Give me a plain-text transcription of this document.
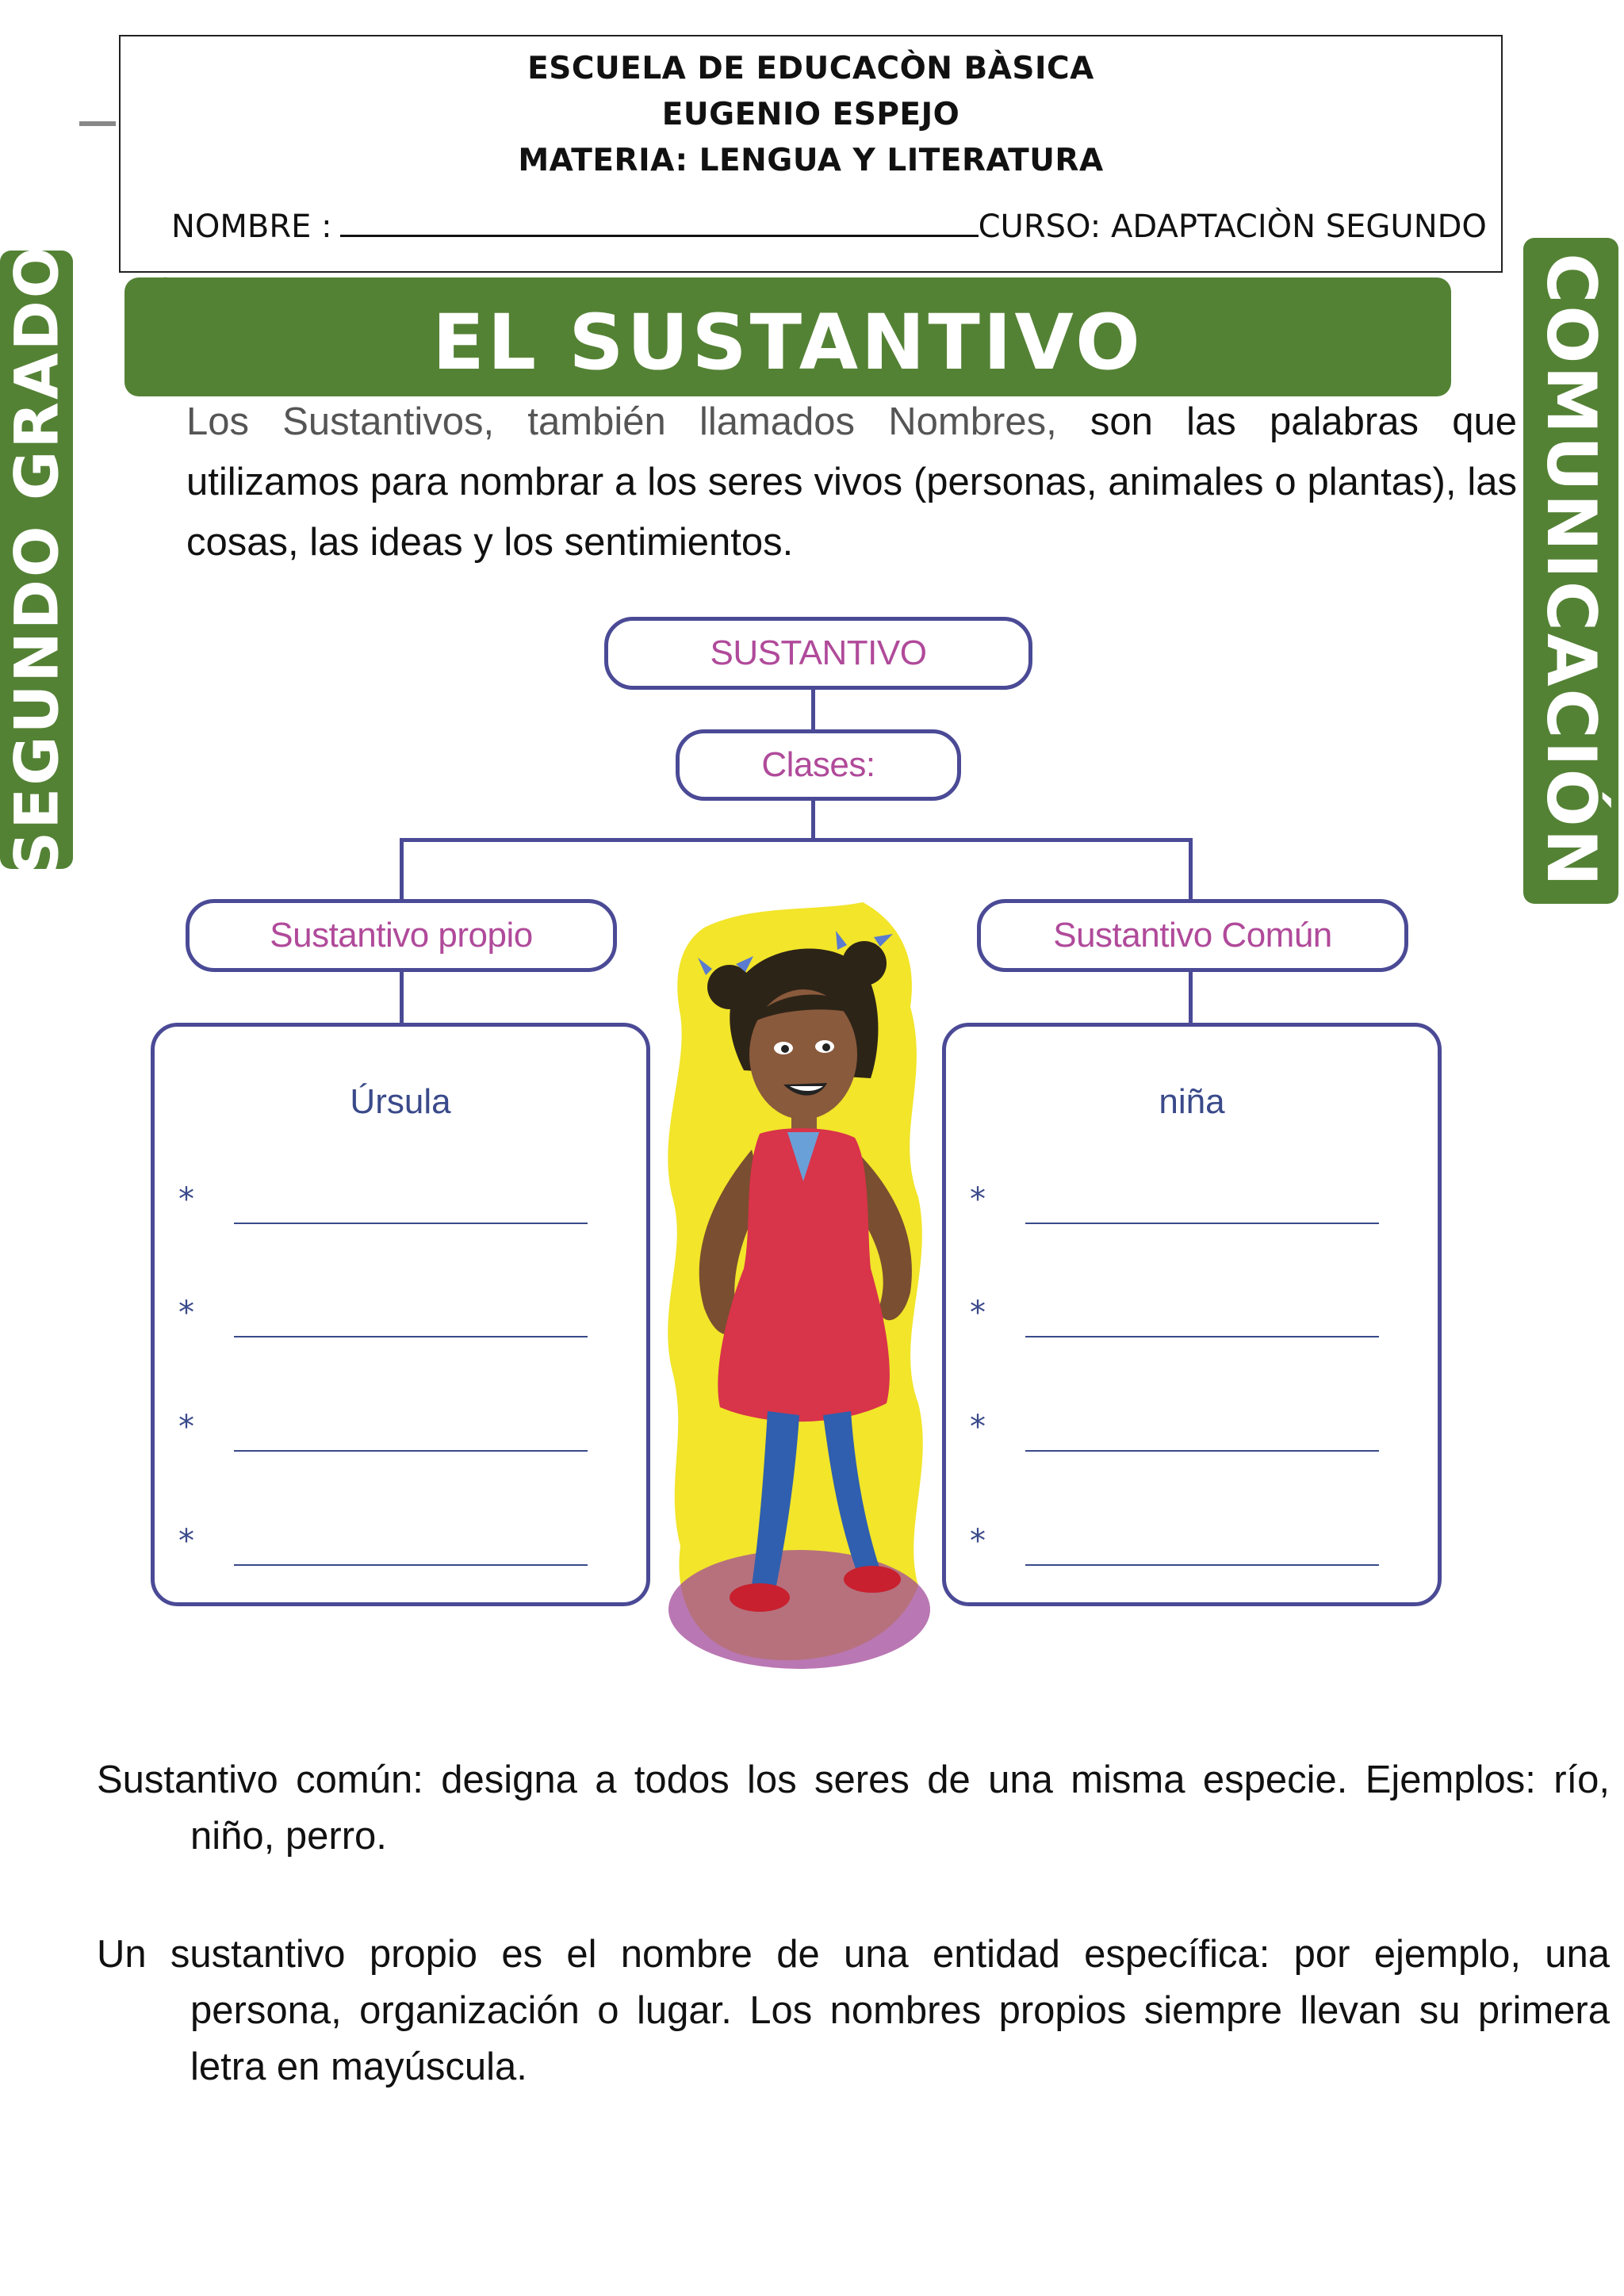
ESCUELA DE EDUCACÒN BÀSICA
EUGENIO ESPEJO
MATERIA: LENGUA Y LITERATURA
NOMBRE :	CURSO: ADAPTACIÒN SEGUNDO
SEGUNDO GRADO	COMUNICACIÓN
EL SUSTANTIVO
Los Sustantivos, también llamados Nombres, son las palabras que utilizamos para nombrar a los seres vivos (personas, animales o plantas), las cosas, las ideas y los sentimientos.
SUSTANTIVO
Clases:
Sustantivo propio	Sustantivo Común
Úrsula
*
*
*
*
niña
*
*
*
*
Sustantivo común: designa a todos los seres de una misma especie. Ejemplos: río, niño, perro.
Un sustantivo propio es el nombre de una entidad específica: por ejemplo, una persona, organización o lugar. Los nombres propios siempre llevan su primera letra en mayúscula.
